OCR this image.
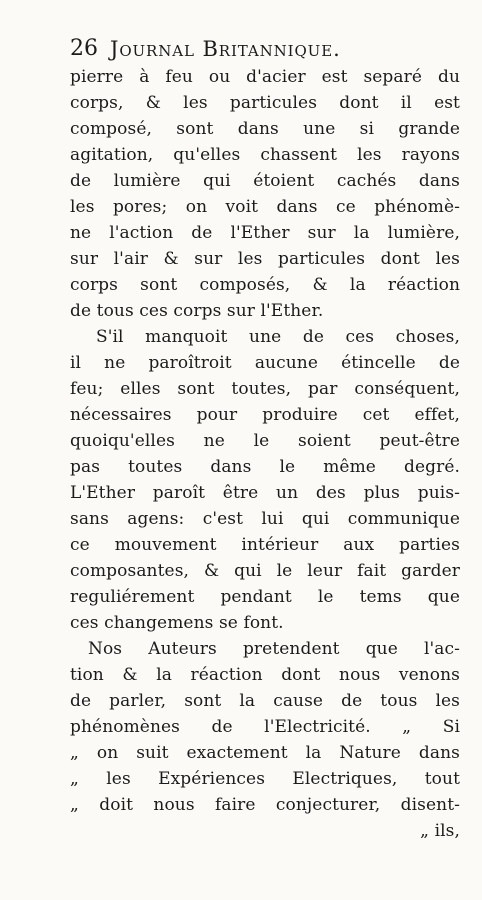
26 Journal Britannique.
pierre à feu ou d'acier est separé du
corps, & les particules dont il est
composé, sont dans une si grande
agitation, qu'elles chassent les rayons
de lumière qui étoient cachés dans
les pores; on voit dans ce phénomè-
ne l'action de l'Ether sur la lumière,
sur l'air & sur les particules dont les
corps sont composés, & la réaction
de tous ces corps sur l'Ether.
S'il manquoit une de ces choses,
il ne paroîtroit aucune étincelle de
feu; elles sont toutes, par conséquent,
nécessaires pour produire cet effet,
quoiqu'elles ne le soient peut-être
pas toutes dans le même degré.
L'Ether paroît être un des plus puis-
sans agens: c'est lui qui communique
ce mouvement intérieur aux parties
composantes, & qui le leur fait garder
reguliérement pendant le tems que
ces changemens se font.
Nos Auteurs pretendent que l'ac-
tion & la réaction dont nous venons
de parler, sont la cause de tous les
phénomènes de l'Electricité. „ Si
„ on suit exactement la Nature dans
„ les Expériences Electriques, tout
„ doit nous faire conjecturer, disent-
„ ils,
